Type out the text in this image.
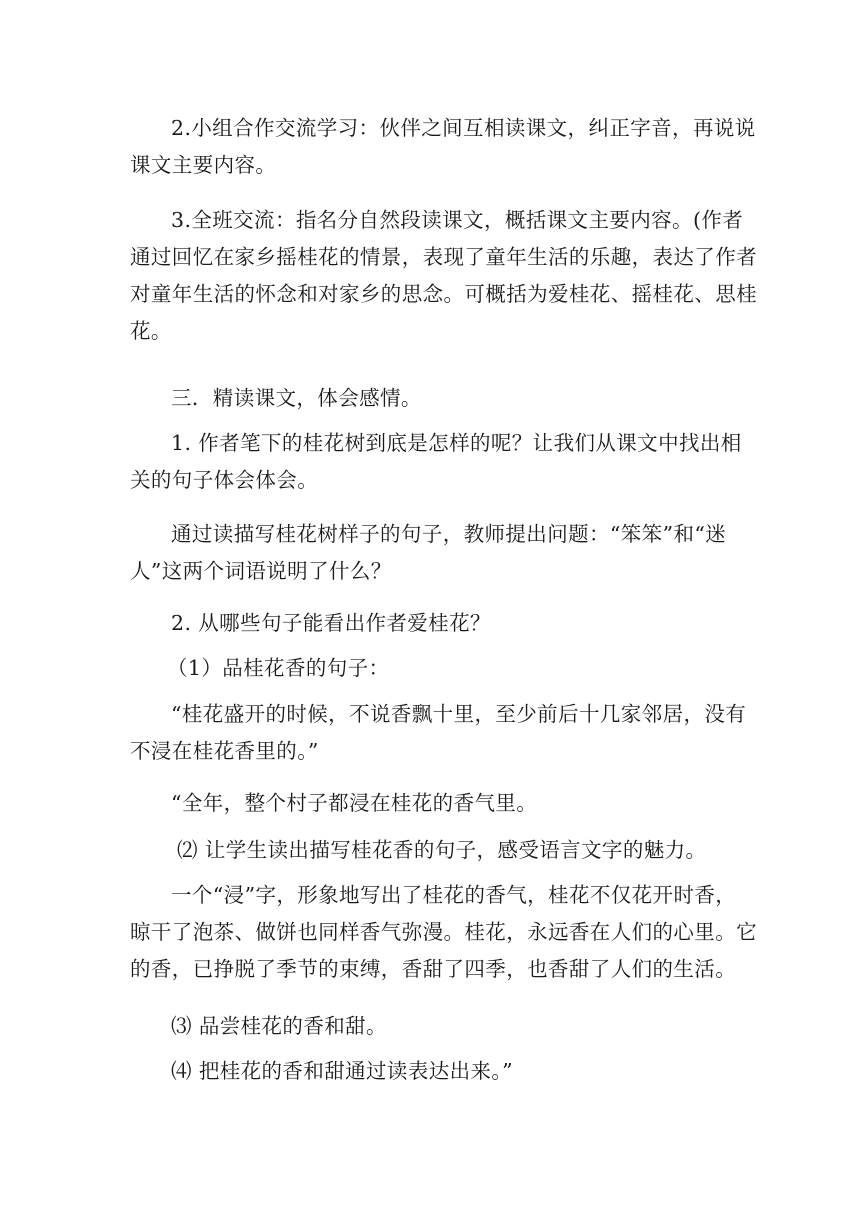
2.小组合作交流学习：伙伴之间互相读课文，纠正字音，再说说
课文主要内容。

3.全班交流：指名分自然段读课文，概括课文主要内容。(作者
通过回忆在家乡摇桂花的情景，表现了童年生活的乐趣，表达了作者
对童年生活的怀念和对家乡的思念。可概括为爱桂花、摇桂花、思桂
花。

三．精读课文，体会感情。

1. 作者笔下的桂花树到底是怎样的呢？让我们从课文中找出相
关的句子体会体会。

通过读描写桂花树样子的句子，教师提出问题：“笨笨”和“迷
人”这两个词语说明了什么？

2. 从哪些句子能看出作者爱桂花？

（1）品桂花香的句子：

“桂花盛开的时候，不说香飘十里，至少前后十几家邻居，没有
不浸在桂花香里的。”

“全年，整个村子都浸在桂花的香气里。

⑵ 让学生读出描写桂花香的句子，感受语言文字的魅力。

一个“浸”字，形象地写出了桂花的香气，桂花不仅花开时香，
晾干了泡茶、做饼也同样香气弥漫。桂花，永远香在人们的心里。它
的香，已挣脱了季节的束缚，香甜了四季，也香甜了人们的生活。

⑶ 品尝桂花的香和甜。

⑷ 把桂花的香和甜通过读表达出来。”
